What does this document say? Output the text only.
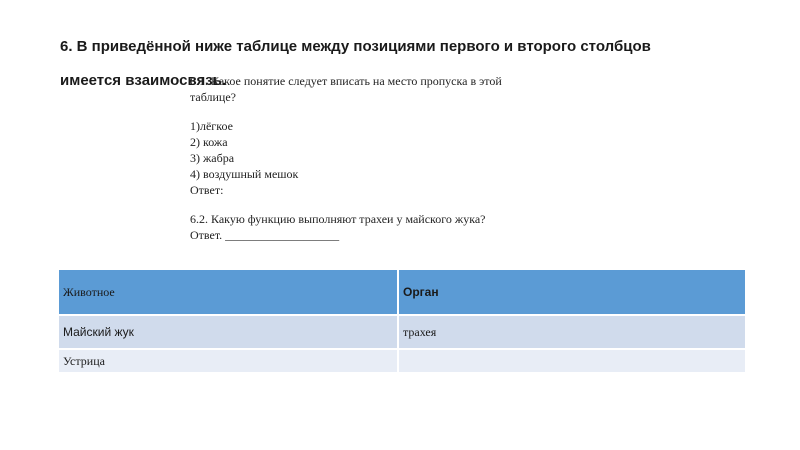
6. В приведённой ниже таблице между позициями первого и второго столбцов

имеется взаимосвязь.

6.1. Какое понятие следует вписать на место пропуска в этой
таблице?
1)лёгкое
2) кожа
3) жабра
4) воздушный мешок
Ответ:
6.2. Какую функцию выполняют трахеи у майского жука?
Ответ. ___________________
Животное	Орган
Майский жук	трахея
Устрица	
